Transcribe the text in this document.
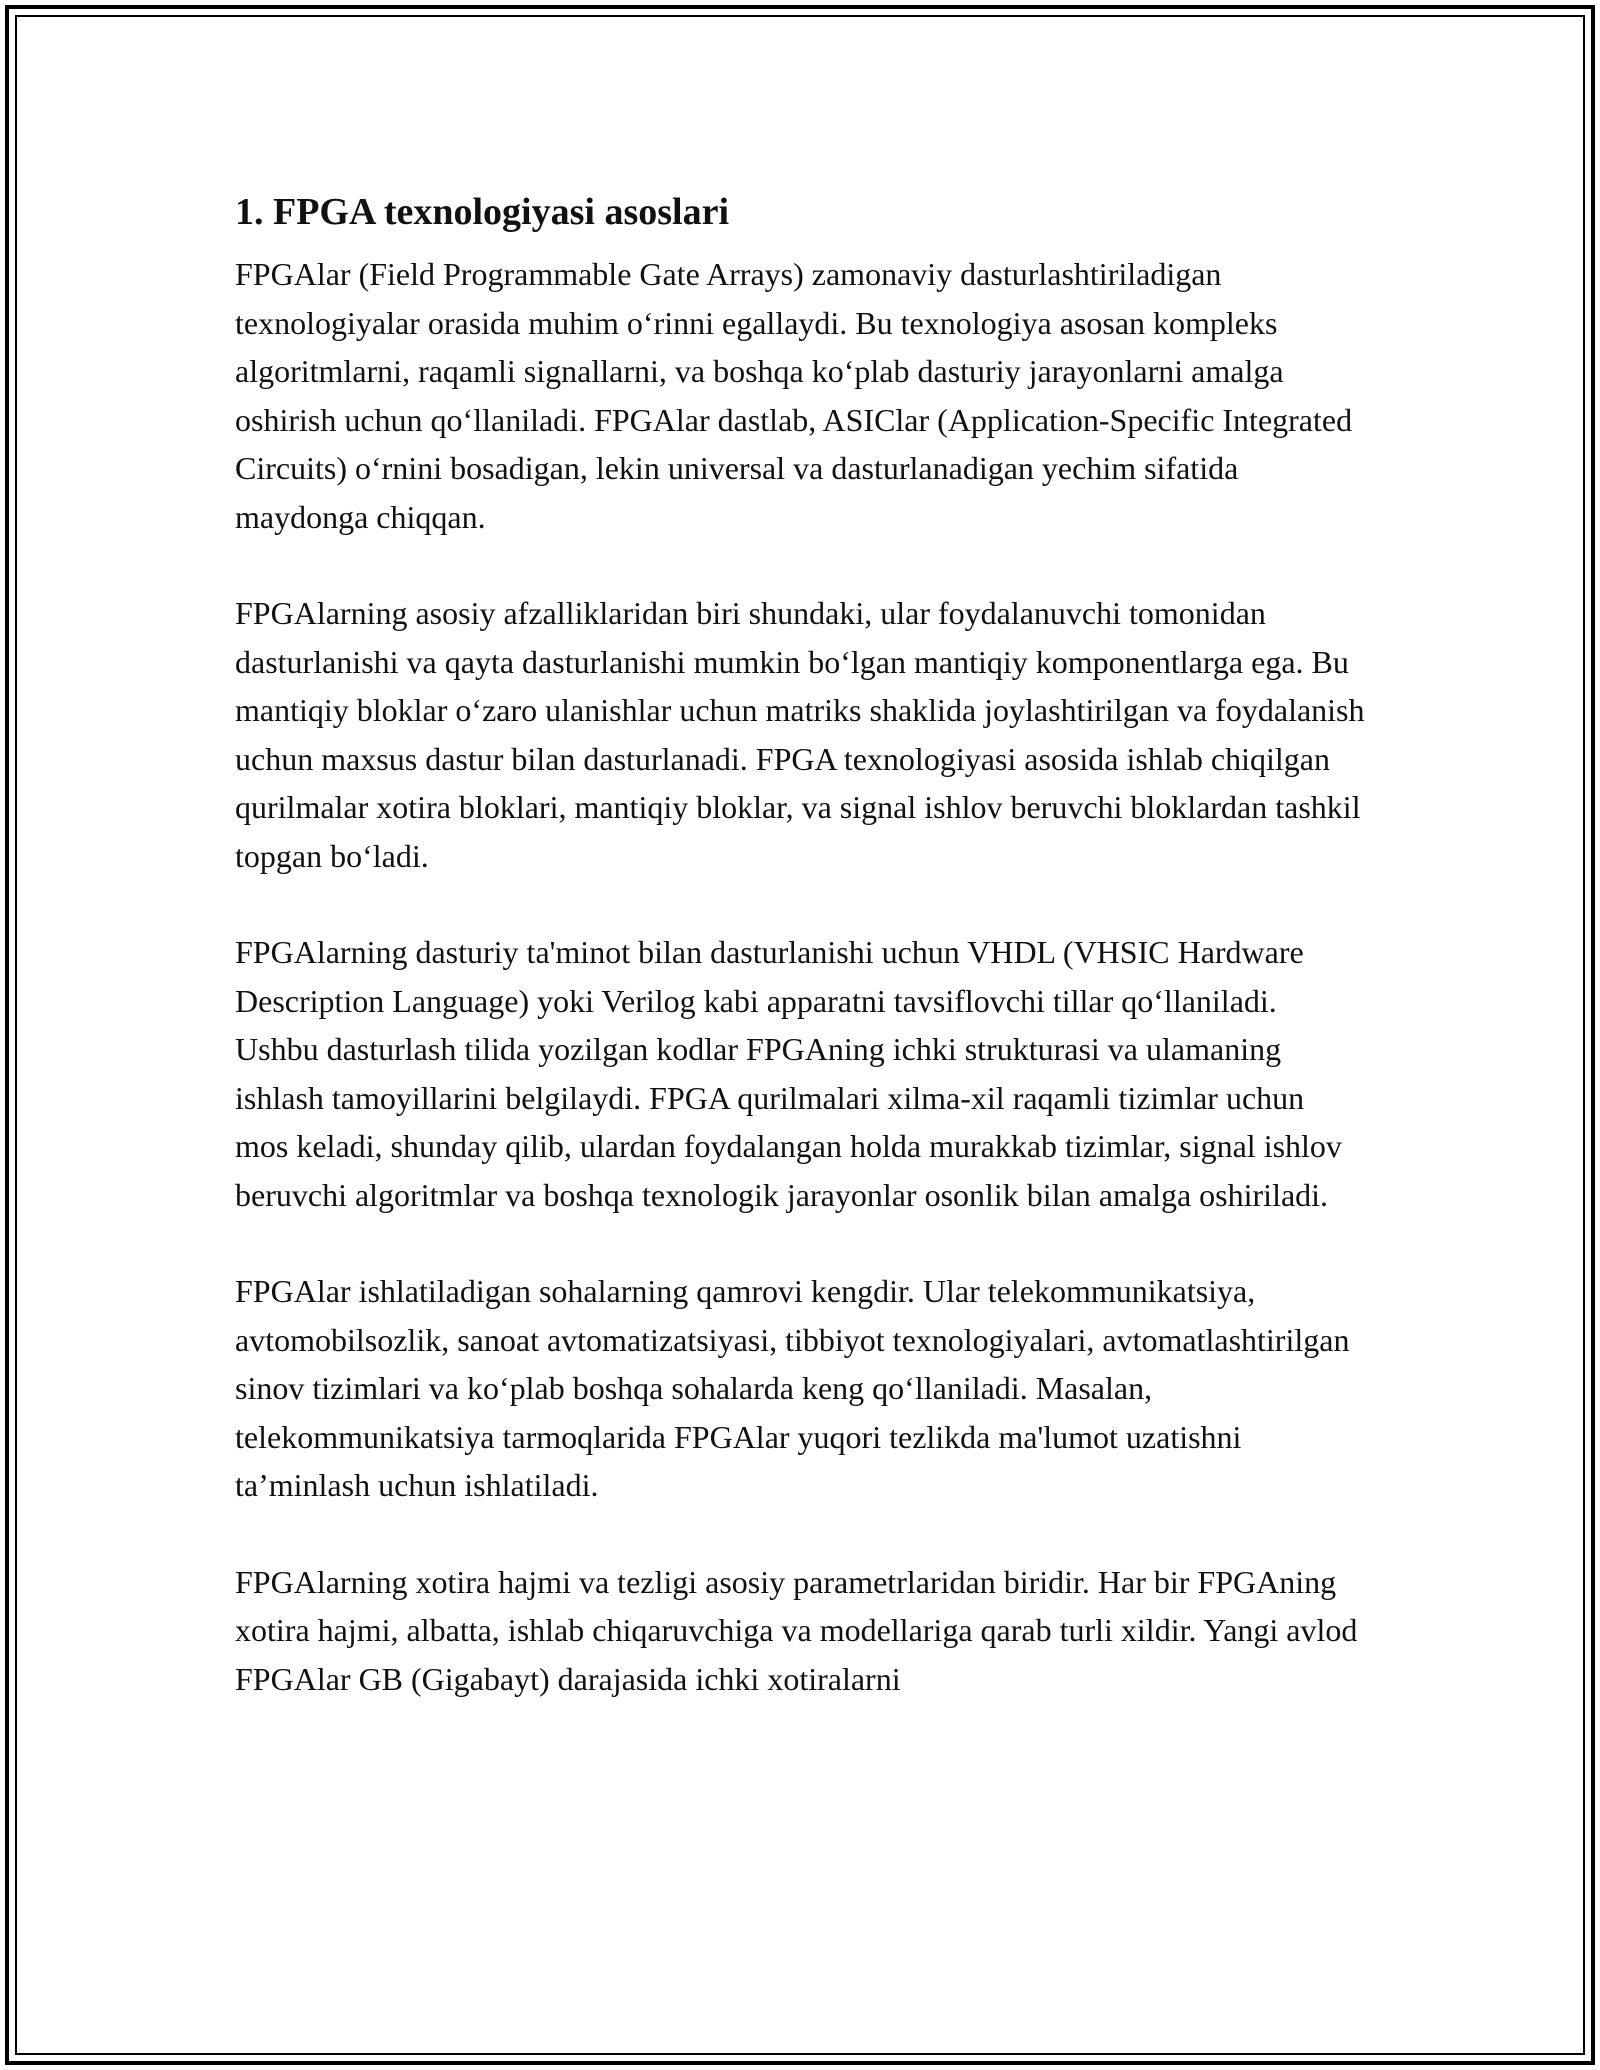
1. FPGA texnologiyasi asoslari

FPGAlar (Field Programmable Gate Arrays) zamonaviy dasturlashtiriladigan texnologiyalar orasida muhim o‘rinni egallaydi. Bu texnologiya asosan kompleks algoritmlarni, raqamli signallarni, va boshqa ko‘plab dasturiy jarayonlarni amalga oshirish uchun qo‘llaniladi. FPGAlar dastlab, ASIClar (Application-Specific Integrated Circuits) o‘rnini bosadigan, lekin universal va dasturlanadigan yechim sifatida maydonga chiqqan.

FPGAlarning asosiy afzalliklaridan biri shundaki, ular foydalanuvchi tomonidan dasturlanishi va qayta dasturlanishi mumkin bo‘lgan mantiqiy komponentlarga ega. Bu mantiqiy bloklar o‘zaro ulanishlar uchun matriks shaklida joylashtirilgan va foydalanish uchun maxsus dastur bilan dasturlanadi. FPGA texnologiyasi asosida ishlab chiqilgan qurilmalar xotira bloklari, mantiqiy bloklar, va signal ishlov beruvchi bloklardan tashkil topgan bo‘ladi.

FPGAlarning dasturiy ta'minot bilan dasturlanishi uchun VHDL (VHSIC Hardware Description Language) yoki Verilog kabi apparatni tavsiflovchi tillar qo‘llaniladi. Ushbu dasturlash tilida yozilgan kodlar FPGAning ichki strukturasi va ulamaning ishlash tamoyillarini belgilaydi. FPGA qurilmalari xilma-xil raqamli tizimlar uchun mos keladi, shunday qilib, ulardan foydalangan holda murakkab tizimlar, signal ishlov beruvchi algoritmlar va boshqa texnologik jarayonlar osonlik bilan amalga oshiriladi.

FPGAlar ishlatiladigan sohalarning qamrovi kengdir. Ular telekommunikatsiya, avtomobilsozlik, sanoat avtomatizatsiyasi, tibbiyot texnologiyalari, avtomatlashtirilgan sinov tizimlari va ko‘plab boshqa sohalarda keng qo‘llaniladi. Masalan, telekommunikatsiya tarmoqlarida FPGAlar yuqori tezlikda ma'lumot uzatishni ta’minlash uchun ishlatiladi.

FPGAlarning xotira hajmi va tezligi asosiy parametrlaridan biridir. Har bir FPGAning xotira hajmi, albatta, ishlab chiqaruvchiga va modellariga qarab turli xildir. Yangi avlod FPGAlar GB (Gigabayt) darajasida ichki xotiralarni
